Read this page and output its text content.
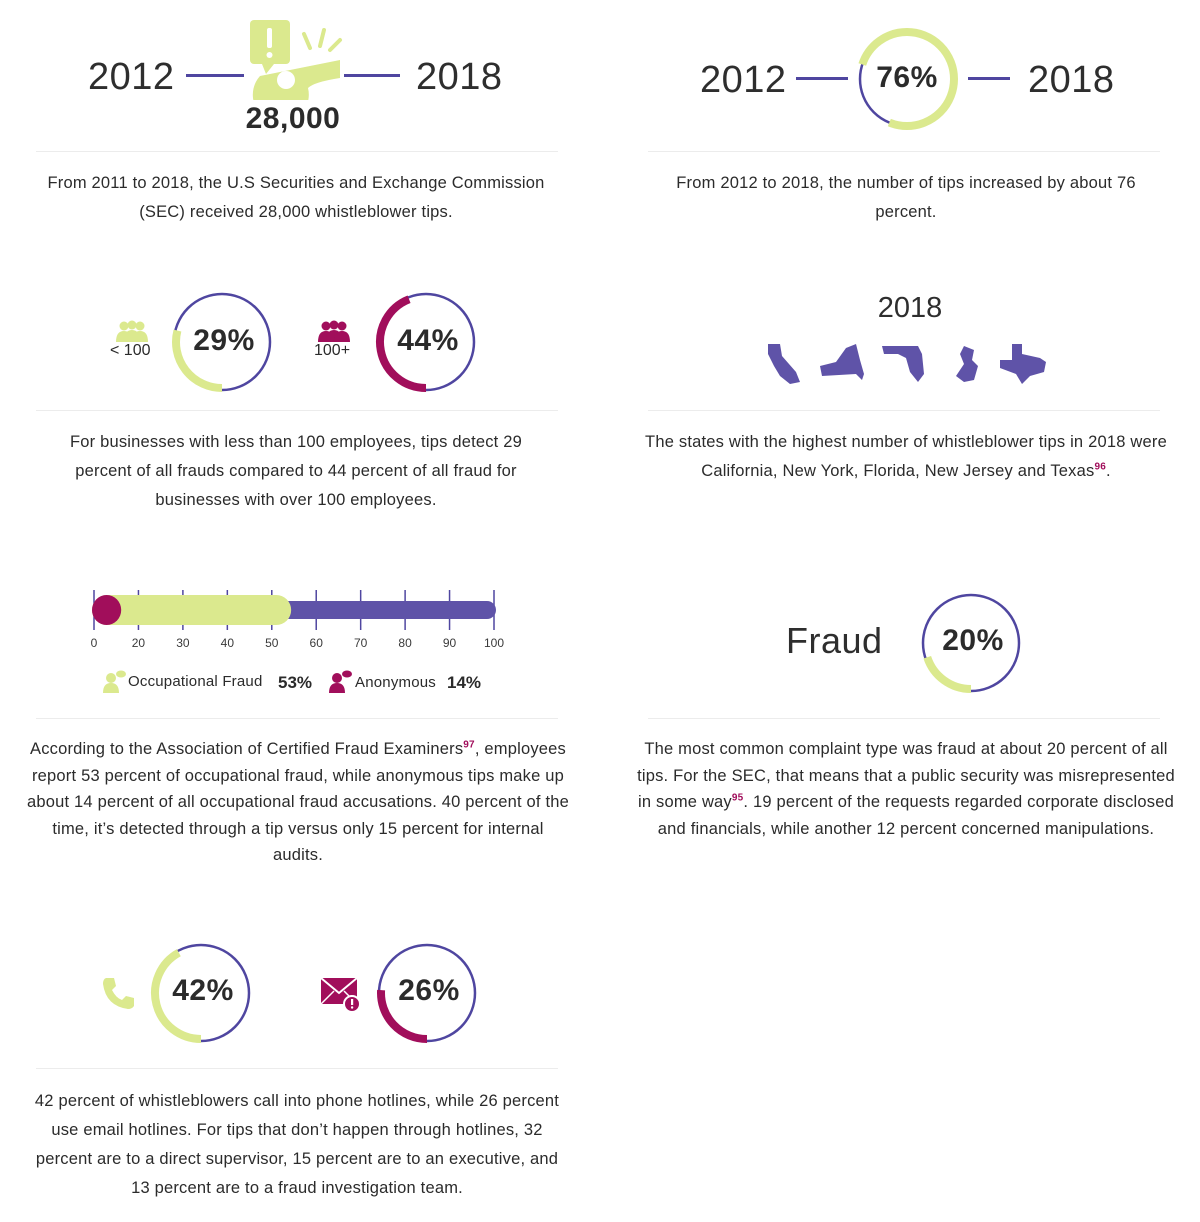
2012	2018
28,000
From 2011 to 2018, the U.S Securities and Exchange Commission (SEC) received 28,000 whistleblower tips.
2012	76%	2018
From 2012 to 2018, the number of tips increased by about 76 percent.
< 100	29%	100+	44%
For businesses with less than 100 employees, tips detect 29 percent of all frauds compared to 44 percent of all fraud for businesses with over 100 employees.
2018
The states with the highest number of whistleblower tips in 2018 were California, New York, Florida, New Jersey and Texas$^{96}$.
0	20	30	40	50	60	70	80	90 100
Occupational Fraud 53%	Anonymous 14%
According to the Association of Certified Fraud Examiners$^{97}$, employees report 53 percent of occupational fraud, while anonymous tips make up about 14 percent of all occupational fraud accusations. 40 percent of the time, it’s detected through a tip versus only 15 percent for internal audits.
Fraud	20%
The most common complaint type was fraud at about 20 percent of all tips. For the SEC, that means that a public security was misrepresented in some way$^{95}$. 19 percent of the requests regarded corporate disclosed and financials, while another 12 percent concerned manipulations.
42%	26%
42 percent of whistleblowers call into phone hotlines, while 26 percent use email hotlines. For tips that don’t happen through hotlines, 32 percent are to a direct supervisor, 15 percent are to an executive, and 13 percent are to a fraud investigation team.
